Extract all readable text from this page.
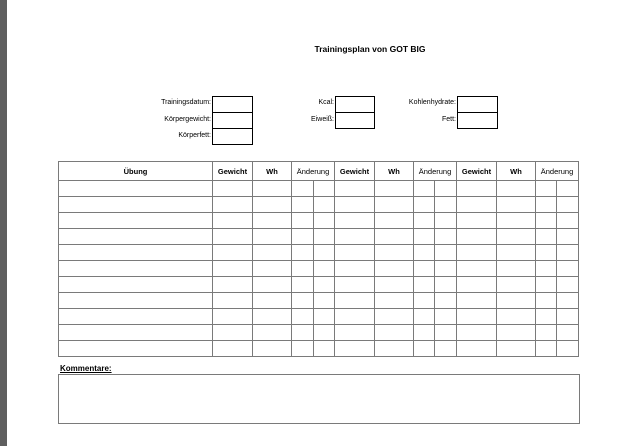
Trainingsplan von GOT BIG
Trainingsdatum:
Körpergewicht:
Körperfett:
Kcal:
Eiweiß:
Kohlenhydrate:
Fett:
Übung	Gewicht	Wh	Änderung		Gewicht	Wh	Änderung		Gewicht	Wh	Änderung	

Kommentare:
